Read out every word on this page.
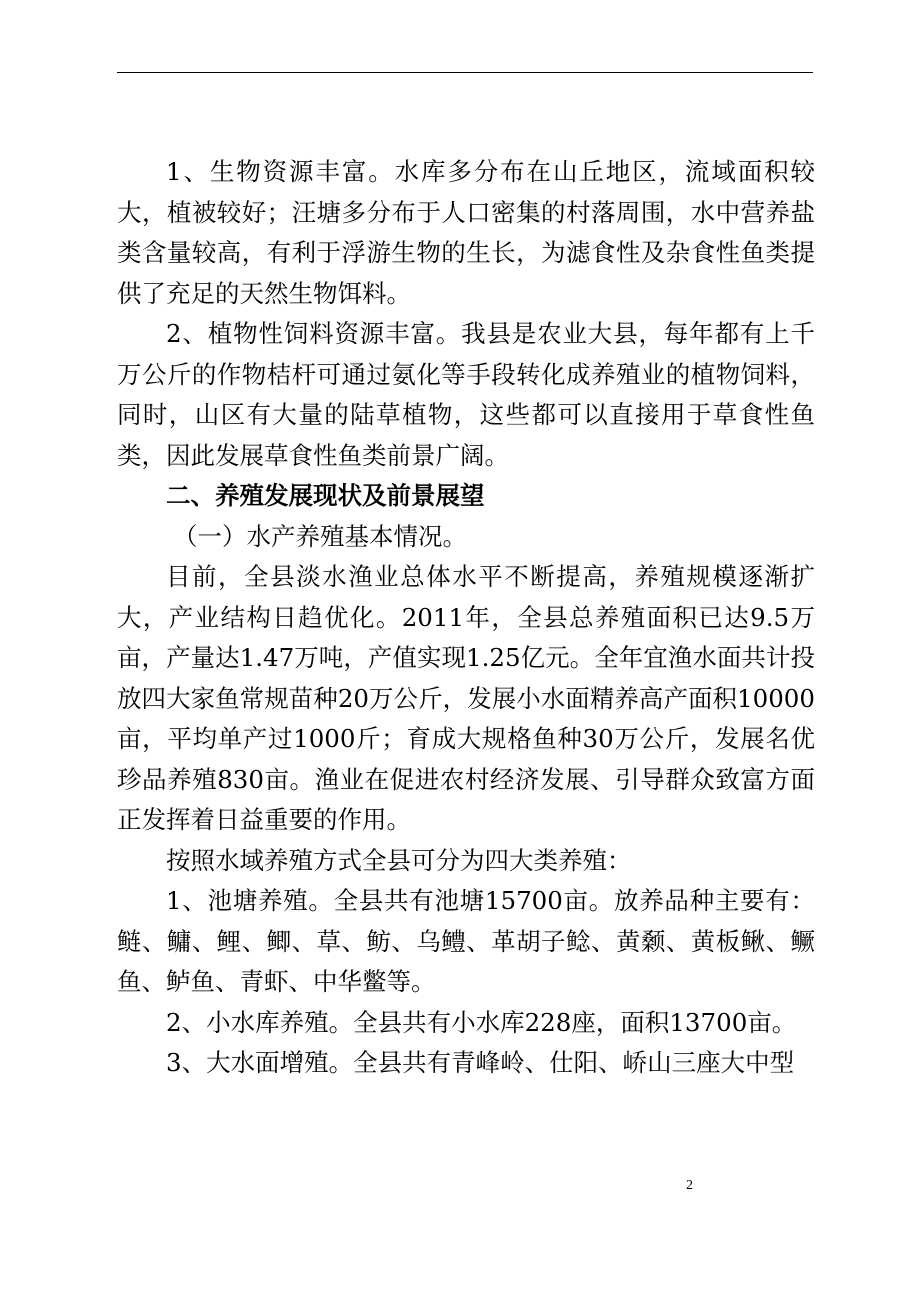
1、生物资源丰富。水库多分布在山丘地区，流域面积较大，植被较好；汪塘多分布于人口密集的村落周围，水中营养盐类含量较高，有利于浮游生物的生长，为滤食性及杂食性鱼类提供了充足的天然生物饵料。

2、植物性饲料资源丰富。我县是农业大县，每年都有上千万公斤的作物桔杆可通过氨化等手段转化成养殖业的植物饲料，同时，山区有大量的陆草植物，这些都可以直接用于草食性鱼类，因此发展草食性鱼类前景广阔。

二、养殖发展现状及前景展望

（一）水产养殖基本情况。

目前，全县淡水渔业总体水平不断提高，养殖规模逐渐扩大，产业结构日趋优化。2011年，全县总养殖面积已达9.5万亩，产量达1.47万吨，产值实现1.25亿元。全年宜渔水面共计投放四大家鱼常规苗种20万公斤，发展小水面精养高产面积10000亩，平均单产过1000斤；育成大规格鱼种30万公斤，发展名优珍品养殖830亩。渔业在促进农村经济发展、引导群众致富方面正发挥着日益重要的作用。

按照水域养殖方式全县可分为四大类养殖：

1、池塘养殖。全县共有池塘15700亩。放养品种主要有：鲢、鳙、鲤、鲫、草、鲂、乌鳢、革胡子鲶、黄颡、黄板鳅、鳜鱼、鲈鱼、青虾、中华鳖等。

2、小水库养殖。全县共有小水库228座，面积13700亩。

3、大水面增殖。全县共有青峰岭、仕阳、峤山三座大中型

2
